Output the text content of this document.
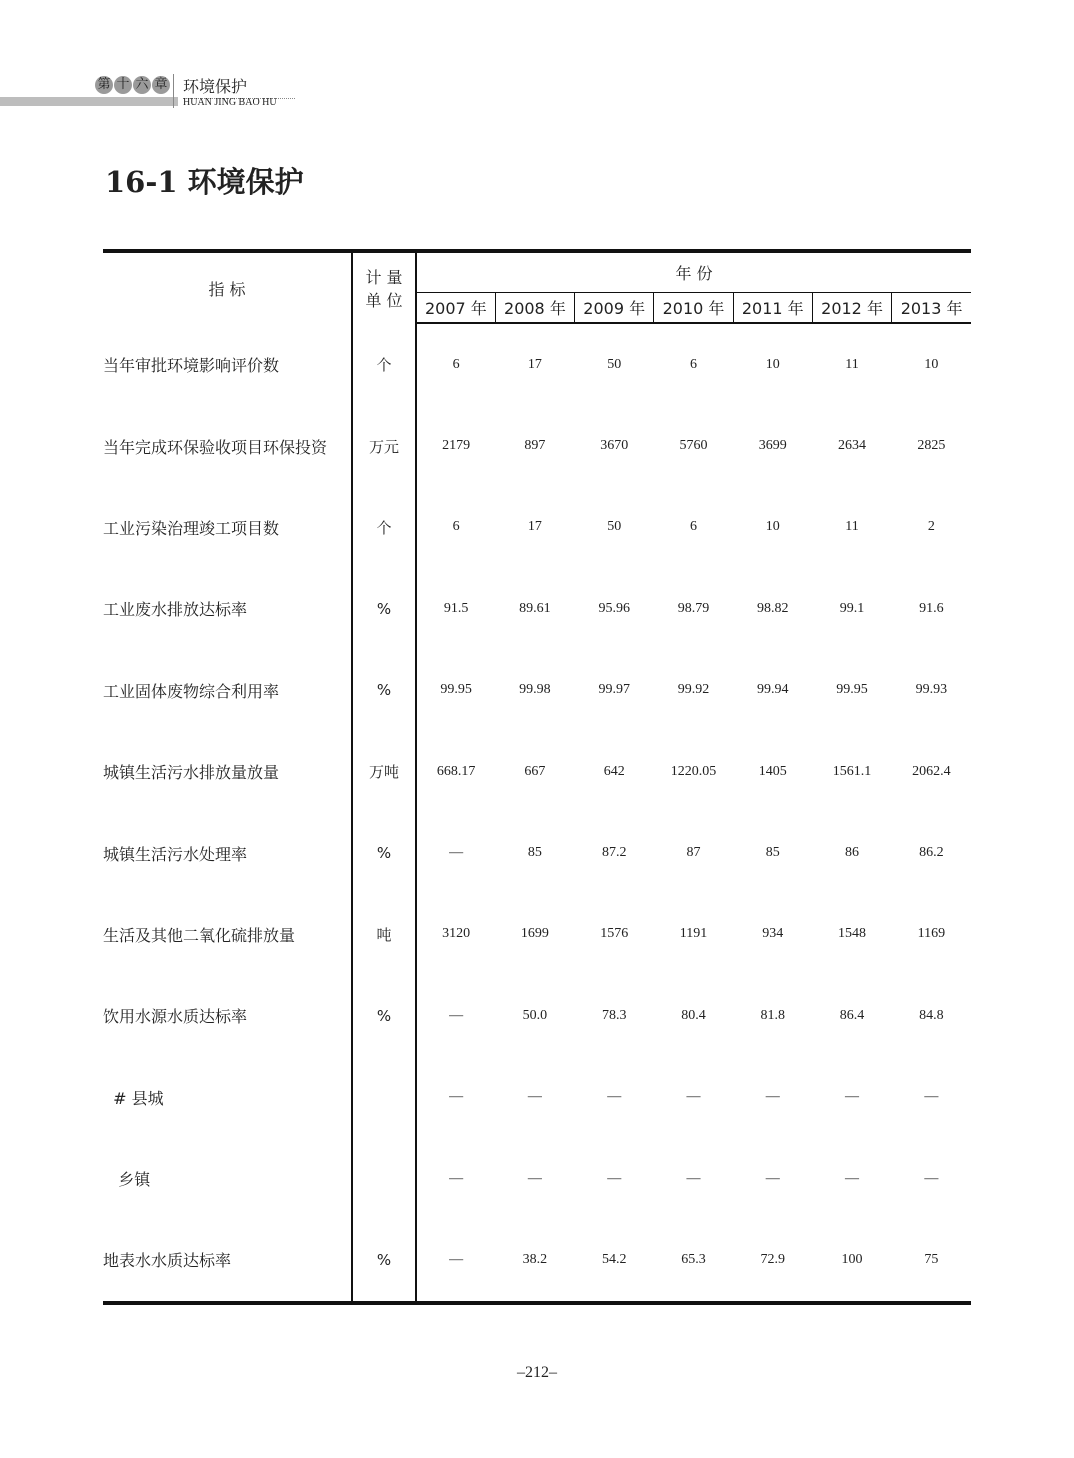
第 十 六 章 环境保护
HUAN JING BAO HU
16-1 环境保护
指 标	计 量
单 位	年 份						
		2007 年	2008 年	2009 年	2010 年	2011 年	2012 年	2013 年
当年审批环境影响评价数	个	6	17	50	6	10	11	10
当年完成环保验收项目环保投资	万元	2179	897	3670	5760	3699	2634	2825
工业污染治理竣工项目数	个	6	17	50	6	10	11	2
工业废水排放达标率	%	91.5	89.61	95.96	98.79	98.82	99.1	91.6
工业固体废物综合利用率	%	99.95	99.98	99.97	99.92	99.94	99.95	99.93
城镇生活污水排放量放量	万吨	668.17	667	642	1220.05	1405	1561.1	2062.4
城镇生活污水处理率	%	—	85	87.2	87	85	86	86.2
生活及其他二氧化硫排放量	吨	3120	1699	1576	1191	934	1548	1169
饮用水源水质达标率	%	—	50.0	78.3	80.4	81.8	86.4	84.8
# 县城		—	—	—	—	—	—	—
乡镇		—	—	—	—	—	—	—
地表水水质达标率	%	—	38.2	54.2	65.3	72.9	100	75
–212–
